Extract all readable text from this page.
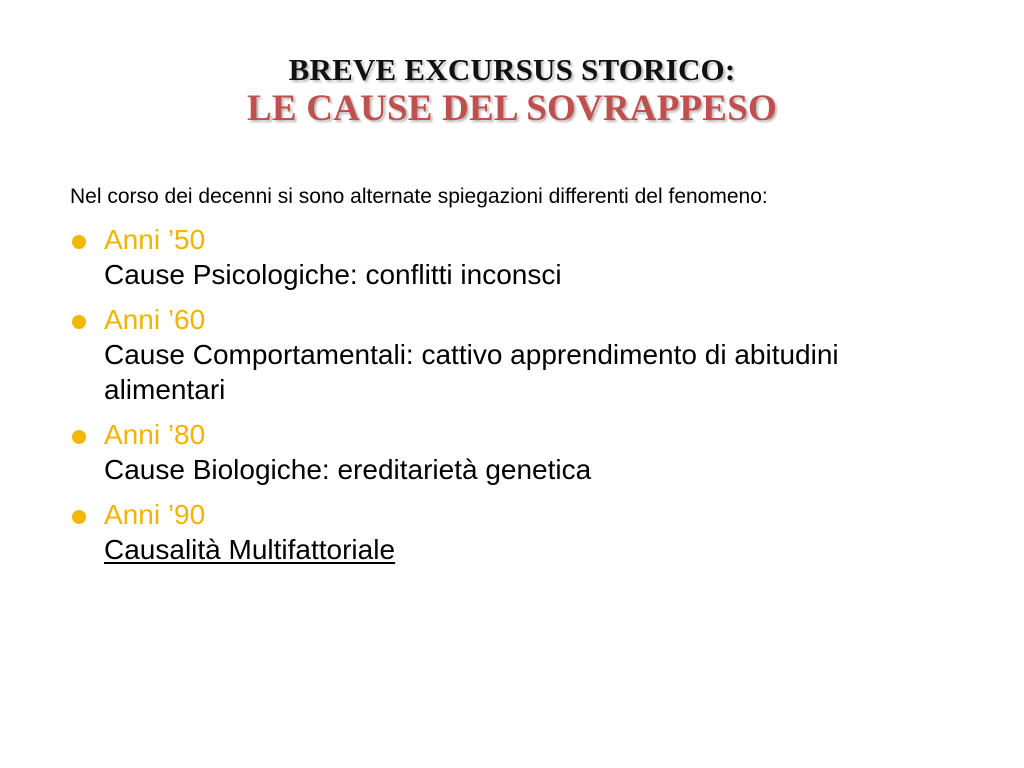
BREVE EXCURSUS STORICO:
LE CAUSE DEL SOVRAPPESO
Nel corso dei decenni si sono alternate spiegazioni differenti del fenomeno:
Anni ’50
Cause Psicologiche: conflitti inconsci
Anni ’60
Cause Comportamentali: cattivo apprendimento di abitudini alimentari
Anni ’80
Cause Biologiche: ereditarietà genetica
Anni ’90
Causalità Multifattoriale
